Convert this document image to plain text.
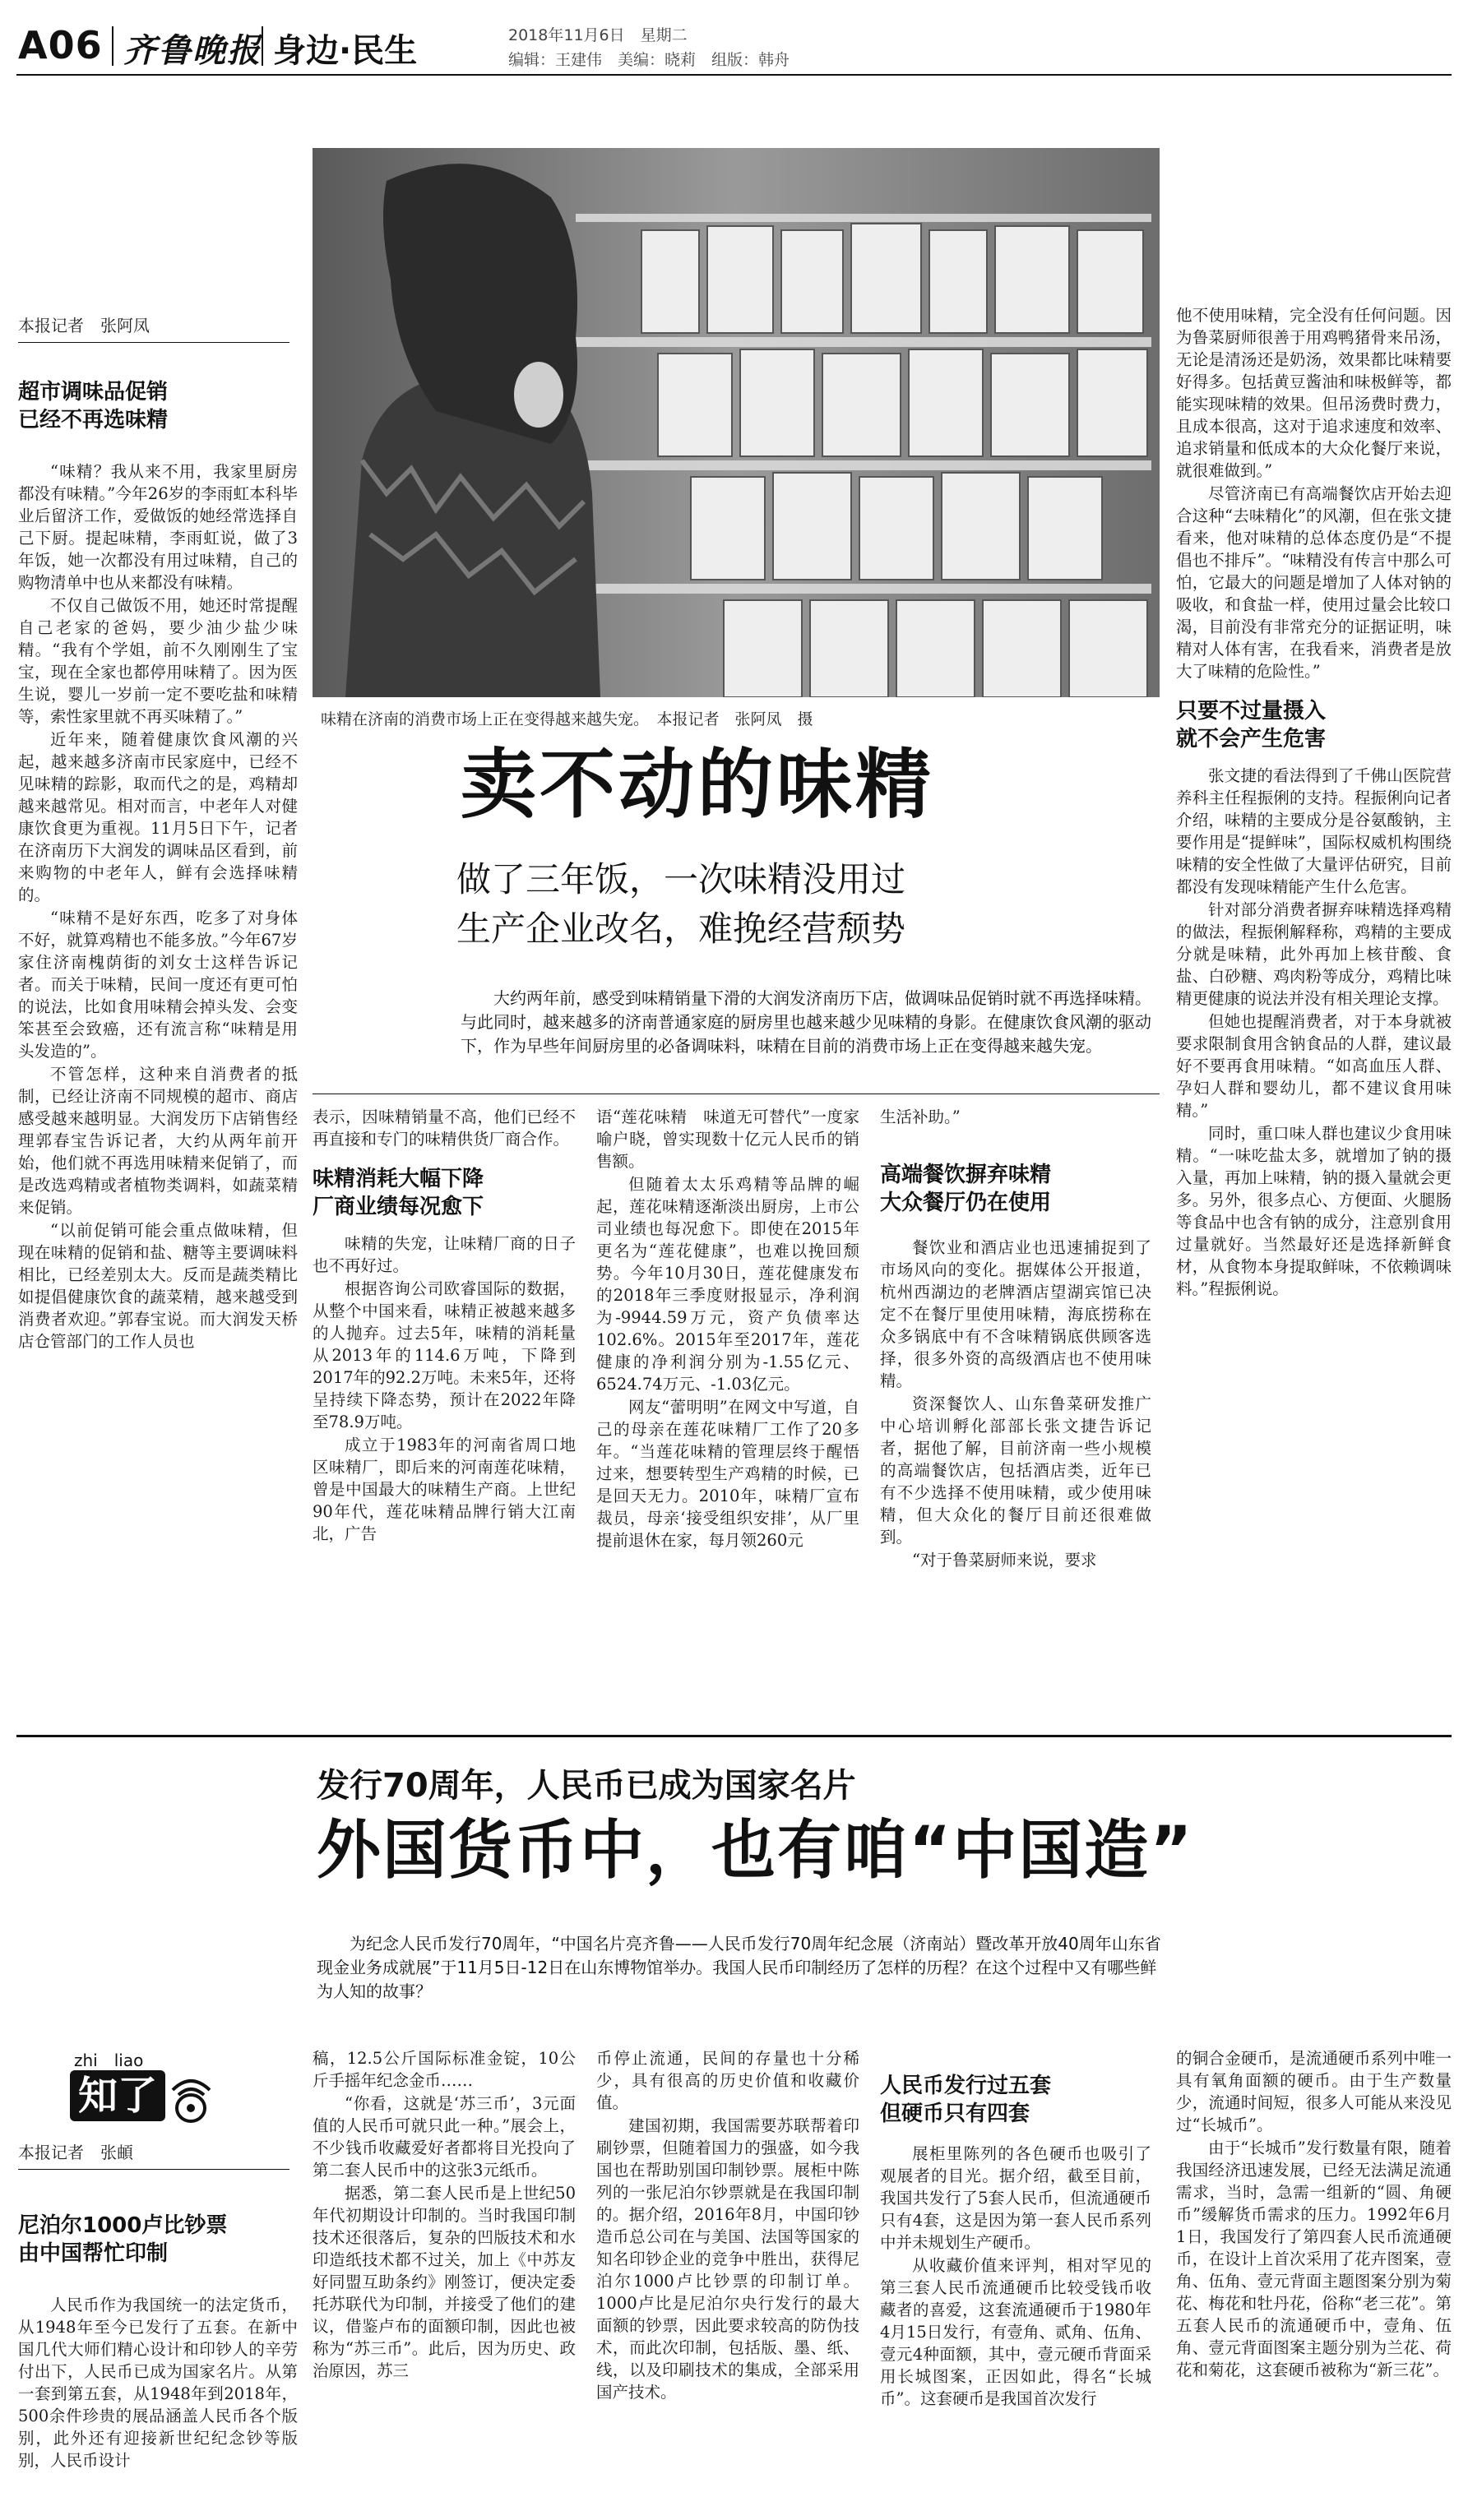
A06 齐鲁晚报 身边·民生	2018年11月6日　星期二
编辑：王建伟　美编：晓莉　组版：韩舟
味精在济南的消费市场上正在变得越来越失宠。　本报记者　张阿凤　摄
本报记者　张阿凤
超市调味品促销
已经不再选味精

“味精？我从来不用，我家里厨房都没有味精。”今年26岁的李雨虹本科毕业后留济工作，爱做饭的她经常选择自己下厨。提起味精，李雨虹说，做了3年饭，她一次都没有用过味精，自己的购物清单中也从来都没有味精。

不仅自己做饭不用，她还时常提醒自己老家的爸妈，要少油少盐少味精。“我有个学姐，前不久刚刚生了宝宝，现在全家也都停用味精了。因为医生说，婴儿一岁前一定不要吃盐和味精等，索性家里就不再买味精了。”

近年来，随着健康饮食风潮的兴起，越来越多济南市民家庭中，已经不见味精的踪影，取而代之的是，鸡精却越来越常见。相对而言，中老年人对健康饮食更为重视。11月5日下午，记者在济南历下大润发的调味品区看到，前来购物的中老年人，鲜有会选择味精的。

“味精不是好东西，吃多了对身体不好，就算鸡精也不能多放。”今年67岁家住济南槐荫街的刘女士这样告诉记者。而关于味精，民间一度还有更可怕的说法，比如食用味精会掉头发、会变笨甚至会致癌，还有流言称“味精是用头发造的”。

不管怎样，这种来自消费者的抵制，已经让济南不同规模的超市、商店感受越来越明显。大润发历下店销售经理郭春宝告诉记者，大约从两年前开始，他们就不再选用味精来促销了，而是改选鸡精或者植物类调料，如蔬菜精来促销。

“以前促销可能会重点做味精，但现在味精的促销和盐、糖等主要调味料相比，已经差别太大。反而是蔬类精比如提倡健康饮食的蔬菜精，越来越受到消费者欢迎。”郭春宝说。而大润发天桥店仓管部门的工作人员也

卖不动的味精
做了三年饭，一次味精没用过
生产企业改名，难挽经营颓势
大约两年前，感受到味精销量下滑的大润发济南历下店，做调味品促销时就不再选择味精。与此同时，越来越多的济南普通家庭的厨房里也越来越少见味精的身影。在健康饮食风潮的驱动下，作为早些年间厨房里的必备调味料，味精在目前的消费市场上正在变得越来越失宠。

表示，因味精销量不高，他们已经不再直接和专门的味精供货厂商合作。

味精消耗大幅下降
厂商业绩每况愈下

味精的失宠，让味精厂商的日子也不再好过。

根据咨询公司欧睿国际的数据，从整个中国来看，味精正被越来越多的人抛弃。过去5年，味精的消耗量从2013年的114.6万吨，下降到2017年的92.2万吨。未来5年，还将呈持续下降态势，预计在2022年降至78.9万吨。

成立于1983年的河南省周口地区味精厂，即后来的河南莲花味精，曾是中国最大的味精生产商。上世纪90年代，莲花味精品牌行销大江南北，广告

语“莲花味精　味道无可替代”一度家喻户晓，曾实现数十亿元人民币的销售额。

但随着太太乐鸡精等品牌的崛起，莲花味精逐渐淡出厨房，上市公司业绩也每况愈下。即使在2015年更名为“莲花健康”，也难以挽回颓势。今年10月30日，莲花健康发布的2018年三季度财报显示，净利润为-9944.59万元，资产负债率达102.6%。2015年至2017年，莲花健康的净利润分别为-1.55亿元、6524.74万元、-1.03亿元。

网友“蕾明明”在网文中写道，自己的母亲在莲花味精厂工作了20多年。“当莲花味精的管理层终于醒悟过来，想要转型生产鸡精的时候，已是回天无力。2010年，味精厂宣布裁员，母亲‘接受组织安排’，从厂里提前退休在家，每月领260元

生活补助。”

高端餐饮摒弃味精
大众餐厅仍在使用

餐饮业和酒店业也迅速捕捉到了市场风向的变化。据媒体公开报道，杭州西湖边的老牌酒店望湖宾馆已决定不在餐厅里使用味精，海底捞称在众多锅底中有不含味精锅底供顾客选择，很多外资的高级酒店也不使用味精。

资深餐饮人、山东鲁菜研发推广中心培训孵化部部长张文捷告诉记者，据他了解，目前济南一些小规模的高端餐饮店，包括酒店类，近年已有不少选择不使用味精，或少使用味精，但大众化的餐厅目前还很难做到。

“对于鲁菜厨师来说，要求

他不使用味精，完全没有任何问题。因为鲁菜厨师很善于用鸡鸭猪骨来吊汤，无论是清汤还是奶汤，效果都比味精要好得多。包括黄豆酱油和味极鲜等，都能实现味精的效果。但吊汤费时费力，且成本很高，这对于追求速度和效率、追求销量和低成本的大众化餐厅来说，就很难做到。”

尽管济南已有高端餐饮店开始去迎合这种“去味精化”的风潮，但在张文捷看来，他对味精的总体态度仍是“不提倡也不排斥”。“味精没有传言中那么可怕，它最大的问题是增加了人体对钠的吸收，和食盐一样，使用过量会比较口渴，目前没有非常充分的证据证明，味精对人体有害，在我看来，消费者是放大了味精的危险性。”

只要不过量摄入
就不会产生危害

张文捷的看法得到了千佛山医院营养科主任程振俐的支持。程振俐向记者介绍，味精的主要成分是谷氨酸钠，主要作用是“提鲜味”，国际权威机构围绕味精的安全性做了大量评估研究，目前都没有发现味精能产生什么危害。

针对部分消费者摒弃味精选择鸡精的做法，程振俐解释称，鸡精的主要成分就是味精，此外再加上核苷酸、食盐、白砂糖、鸡肉粉等成分，鸡精比味精更健康的说法并没有相关理论支撑。

但她也提醒消费者，对于本身就被要求限制食用含钠食品的人群，建议最好不要再食用味精。“如高血压人群、孕妇人群和婴幼儿，都不建议食用味精。”

同时，重口味人群也建议少食用味精。“一味吃盐太多，就增加了钠的摄入量，再加上味精，钠的摄入量就会更多。另外，很多点心、方便面、火腿肠等食品中也含有钠的成分，注意别食用过量就好。当然最好还是选择新鲜食材，从食物本身提取鲜味，不依赖调味料。”程振俐说。

发行70周年，人民币已成为国家名片
外国货币中，也有咱“中国造”
为纪念人民币发行70周年，“中国名片亮齐鲁——人民币发行70周年纪念展（济南站）暨改革开放40周年山东省现金业务成就展”于11月5日-12日在山东博物馆举办。我国人民币印制经历了怎样的历程？在这个过程中又有哪些鲜为人知的故事？
zhi　liao
知了
本报记者　张頔
尼泊尔1000卢比钞票
由中国帮忙印制

人民币作为我国统一的法定货币，从1948年至今已发行了五套。在新中国几代大师们精心设计和印钞人的辛劳付出下，人民币已成为国家名片。从第一套到第五套，从1948年到2018年，500余件珍贵的展品涵盖人民币各个版别，此外还有迎接新世纪纪念钞等版别，人民币设计

稿，12.5公斤国际标准金锭，10公斤手摇年纪念金币……

“你看，这就是‘苏三币’，3元面值的人民币可就只此一种。”展会上，不少钱币收藏爱好者都将目光投向了第二套人民币中的这张3元纸币。

据悉，第二套人民币是上世纪50年代初期设计印制的。当时我国印制技术还很落后，复杂的凹版技术和水印造纸技术都不过关，加上《中苏友好同盟互助条约》刚签订，便决定委托苏联代为印制，并接受了他们的建议，借鉴卢布的面额印制，因此也被称为“苏三币”。此后，因为历史、政治原因，苏三

币停止流通，民间的存量也十分稀少，具有很高的历史价值和收藏价值。

建国初期，我国需要苏联帮着印刷钞票，但随着国力的强盛，如今我国也在帮助别国印制钞票。展柜中陈列的一张尼泊尔钞票就是在我国印制的。据介绍，2016年8月，中国印钞造币总公司在与美国、法国等国家的知名印钞企业的竞争中胜出，获得尼泊尔1000卢比钞票的印制订单。1000卢比是尼泊尔央行发行的最大面额的钞票，因此要求较高的防伪技术，而此次印制，包括版、墨、纸、线，以及印刷技术的集成，全部采用国产技术。

人民币发行过五套
但硬币只有四套

展柜里陈列的各色硬币也吸引了观展者的目光。据介绍，截至目前，我国共发行了5套人民币，但流通硬币只有4套，这是因为第一套人民币系列中并未规划生产硬币。

从收藏价值来评判，相对罕见的第三套人民币流通硬币比较受钱币收藏者的喜爱，这套流通硬币于1980年4月15日发行，有壹角、贰角、伍角、壹元4种面额，其中，壹元硬币背面采用长城图案，正因如此，得名“长城币”。这套硬币是我国首次发行

的铜合金硬币，是流通硬币系列中唯一具有氧角面额的硬币。由于生产数量少，流通时间短，很多人可能从来没见过“长城币”。

由于“长城币”发行数量有限，随着我国经济迅速发展，已经无法满足流通需求，当时，急需一组新的“圆、角硬币”缓解货币需求的压力。1992年6月1日，我国发行了第四套人民币流通硬币，在设计上首次采用了花卉图案，壹角、伍角、壹元背面主题图案分别为菊花、梅花和牡丹花，俗称“老三花”。第五套人民币的流通硬币中，壹角、伍角、壹元背面图案主题分别为兰花、荷花和菊花，这套硬币被称为“新三花”。
